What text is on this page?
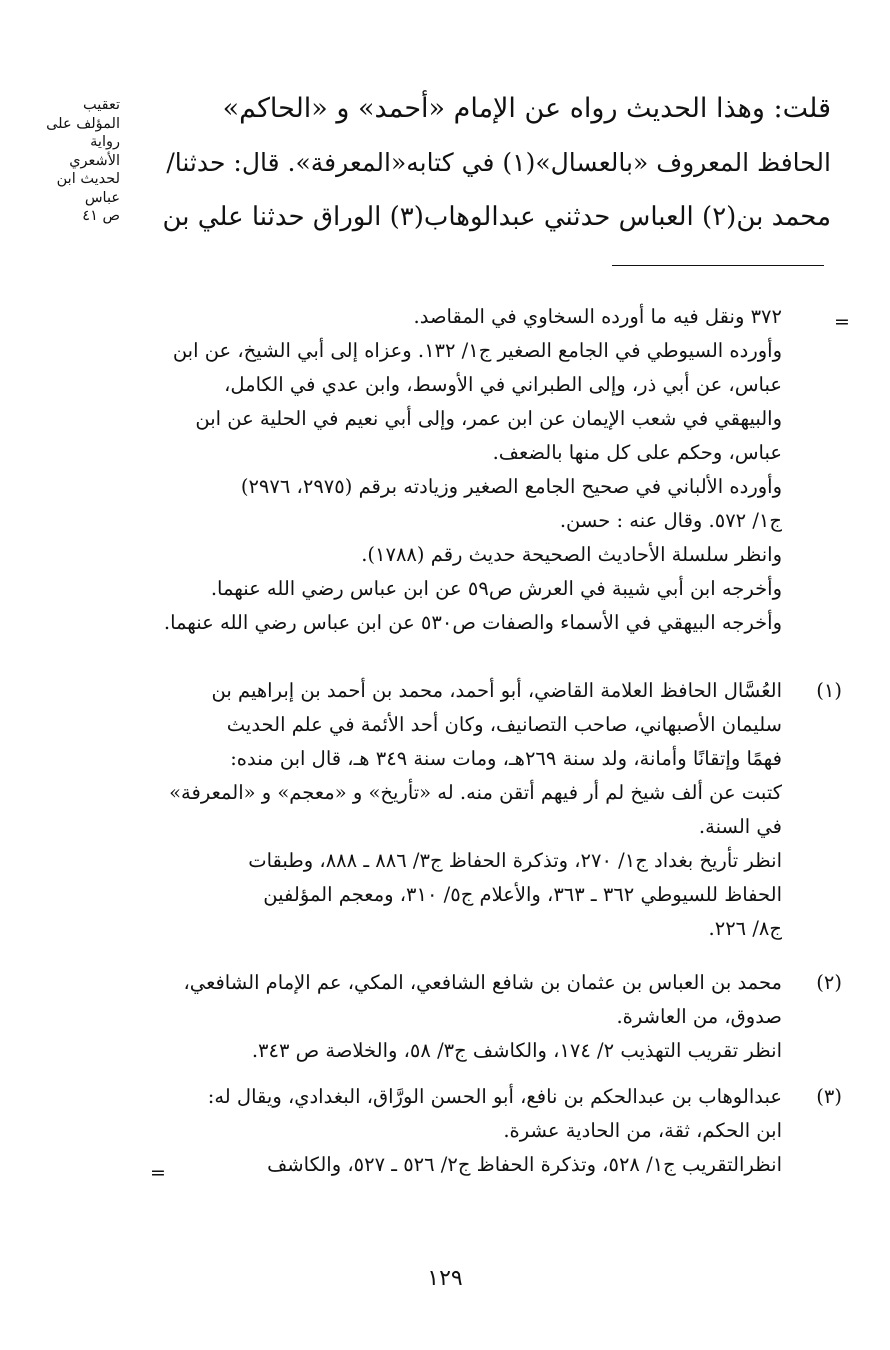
تعقيب
المؤلف على
رواية
الأشعري
لحديث ابن
عباس
ص ٤١
قلت: وهذا الحديث رواه عن الإمام «أحمد» و «الحاكم»
الحافظ المعروف «بالعسال»(١) في كتابه«المعرفة». قال: حدثنا/
محمد بن(٢) العباس حدثني عبدالوهاب(٣) الوراق حدثنا علي بن
=
٣٧٢ ونقل فيه ما أورده السخاوي في المقاصد.
وأورده السيوطي في الجامع الصغير ج١/ ١٣٢. وعزاه إلى أبي الشيخ، عن ابن
عباس، عن أبي ذر، وإلى الطبراني في الأوسط، وابن عدي في الكامل،
والبيهقي في شعب الإيمان عن ابن عمر، وإلى أبي نعيم في الحلية عن ابن
عباس، وحكم على كل منها بالضعف.
وأورده الألباني في صحيح الجامع الصغير وزيادته برقم (٢٩٧٥، ٢٩٧٦)
ج١/ ٥٧٢. وقال عنه : حسن.
وانظر سلسلة الأحاديث الصحيحة حديث رقم (١٧٨٨).
وأخرجه ابن أبي شيبة في العرش ص٥٩ عن ابن عباس رضي الله عنهما.
وأخرجه البيهقي في الأسماء والصفات ص٥٣٠ عن ابن عباس رضي الله عنهما.
(١)
العُسَّال الحافظ العلامة القاضي، أبو أحمد، محمد بن أحمد بن إبراهيم بن
سليمان الأصبهاني، صاحب التصانيف، وكان أحد الأئمة في علم الحديث
فهمًا وإتقانًا وأمانة، ولد سنة ٢٦٩هـ، ومات سنة ٣٤٩ هـ، قال ابن منده:
كتبت عن ألف شيخ لم أر فيهم أتقن منه. له «تأريخ» و «معجم» و «المعرفة»
في السنة.
انظر تأريخ بغداد ج١/ ٢٧٠، وتذكرة الحفاظ ج٣/ ٨٨٦ ـ ٨٨٨، وطبقات
الحفاظ للسيوطي ٣٦٢ ـ ٣٦٣، والأعلام ج٥/ ٣١٠، ومعجم المؤلفين
ج٨/ ٢٢٦.
(٢)
محمد بن العباس بن عثمان بن شافع الشافعي، المكي، عم الإمام الشافعي،
صدوق، من العاشرة.
انظر تقريب التهذيب ٢/ ١٧٤، والكاشف ج٣/ ٥٨، والخلاصة ص ٣٤٣.
(٣)
عبدالوهاب بن عبدالحكم بن نافع، أبو الحسن الورَّاق، البغدادي، ويقال له:
ابن الحكم، ثقة، من الحادية عشرة.
انظرالتقريب ج١/ ٥٢٨، وتذكرة الحفاظ ج٢/ ٥٢٦ ـ ٥٢٧، والكاشف
=
١٢٩
